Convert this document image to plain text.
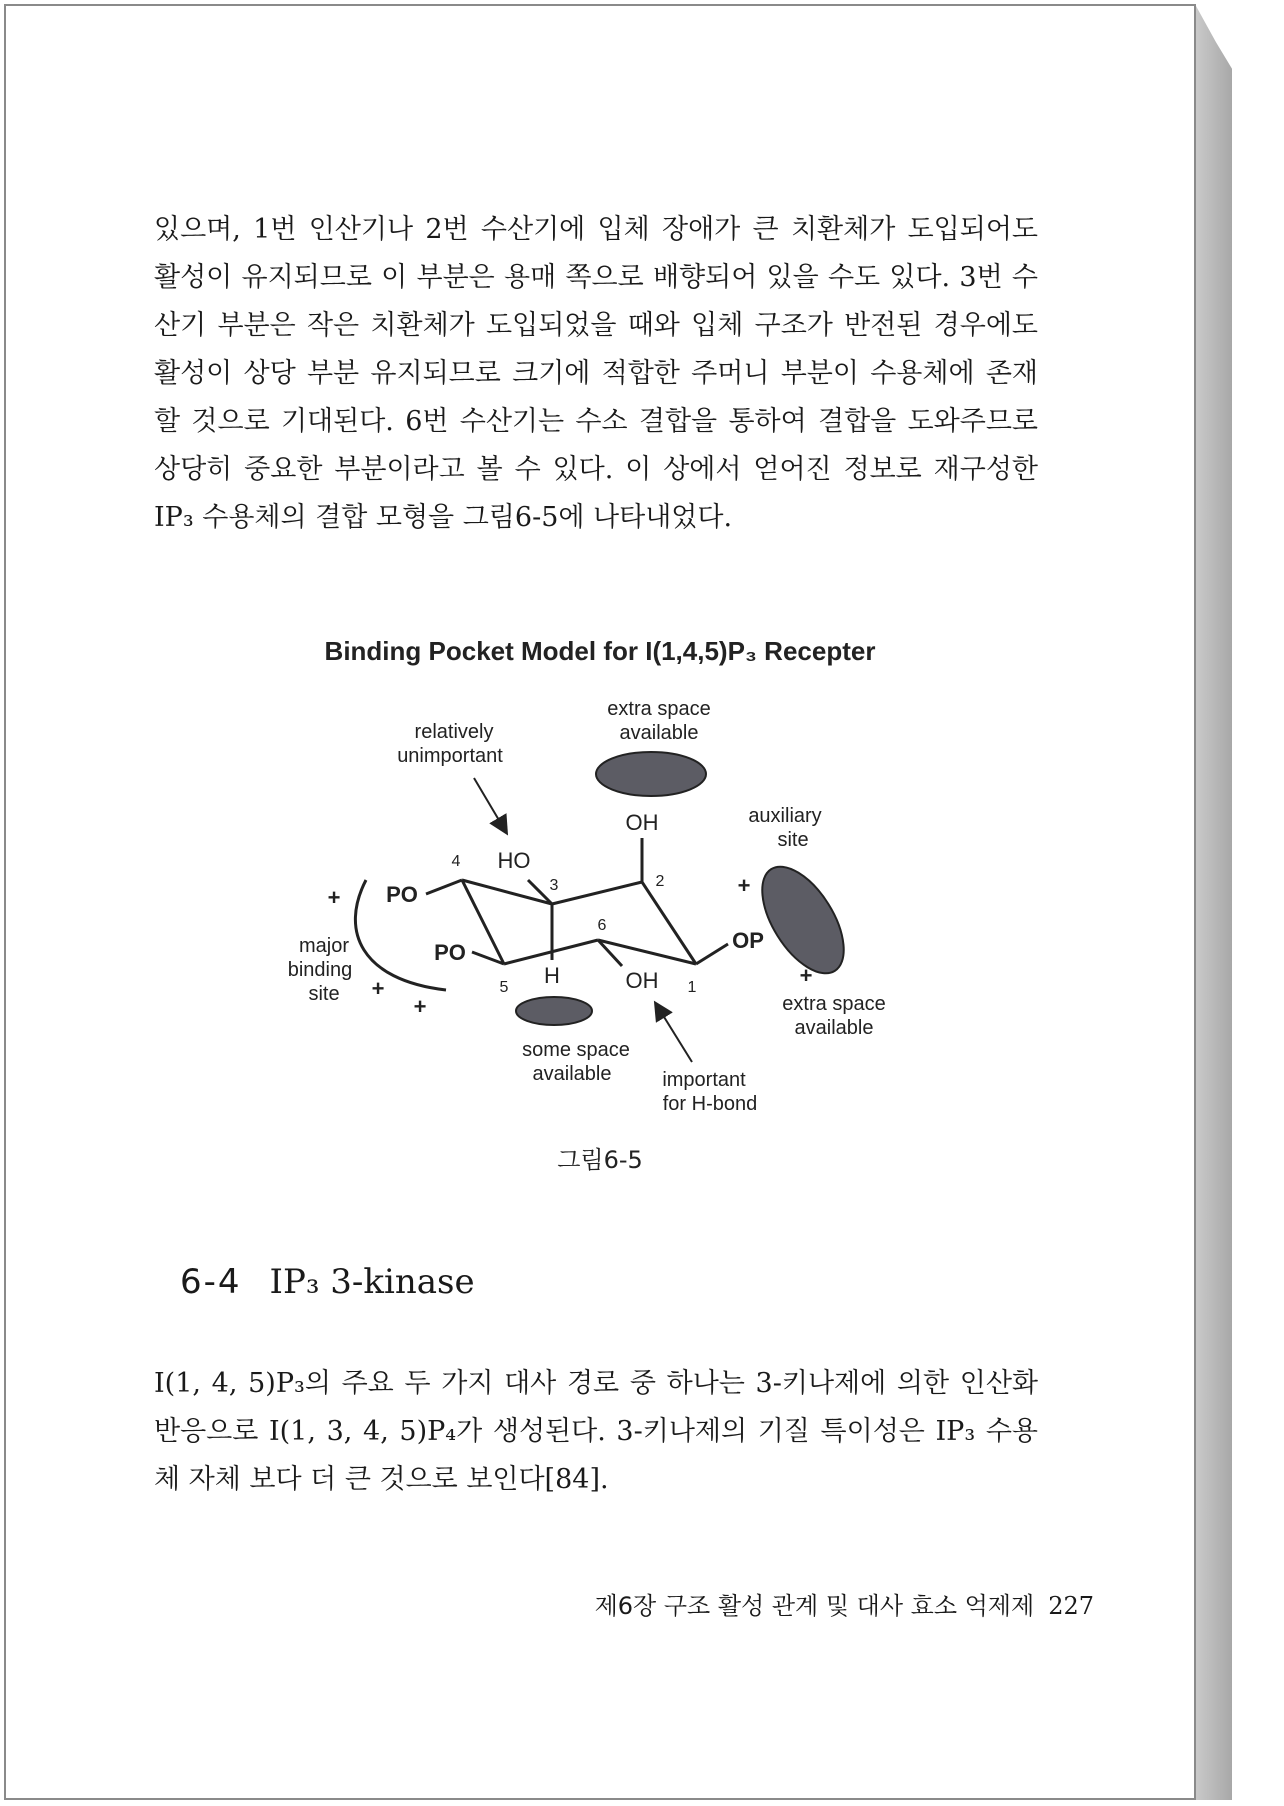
있으며, 1번 인산기나 2번 수산기에 입체 장애가 큰 치환체가 도입되어도 활성이 유지되므로 이 부분은 용매 쪽으로 배향되어 있을 수도 있다. 3번 수산기 부분은 작은 치환체가 도입되었을 때와 입체 구조가 반전된 경우에도 활성이 상당 부분 유지되므로 크기에 적합한 주머니 부분이 수용체에 존재할 것으로 기대된다. 6번 수산기는 수소 결합을 통하여 결합을 도와주므로 상당히 중요한 부분이라고 볼 수 있다. 이 상에서 얻어진 정보로 재구성한 IP₃ 수용체의 결합 모형을 그림6-5에 나타내었다.

Binding Pocket Model for I(1,4,5)P₃ Recepter
relatively
unimportant
extra space
available
auxiliary
site
+
+
+
+
+
major
binding
site
OH
HO
PO
PO	OP
H	OH 1
2
3
4
5
6
some space
available	important
for H-bond
extra space
available
그림6-5
6-4 IP₃ 3-kinase

I(1, 4, 5)P₃의 주요 두 가지 대사 경로 중 하나는 3-키나제에 의한 인산화 반응으로 I(1, 3, 4, 5)P₄가 생성된다. 3-키나제의 기질 특이성은 IP₃ 수용체 자체 보다 더 큰 것으로 보인다[84].

제6장 구조 활성 관계 및 대사 효소 억제제 227
